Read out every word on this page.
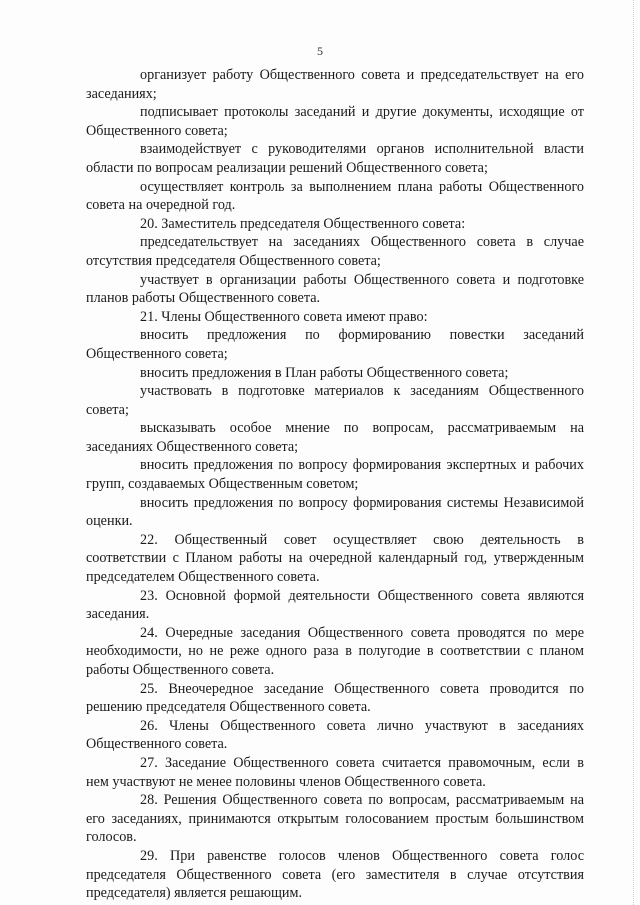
5

организует работу Общественного совета и председательствует на его заседаниях;

подписывает протоколы заседаний и другие документы, исходящие от Общественного совета;

взаимодействует с руководителями органов исполнительной власти области по вопросам реализации решений Общественного совета;

осуществляет контроль за выполнением плана работы Общественного совета на очередной год.

20. Заместитель председателя Общественного совета:

председательствует на заседаниях Общественного совета в случае отсутствия председателя Общественного совета;

участвует в организации работы Общественного совета и подготовке планов работы Общественного совета.

21. Члены Общественного совета имеют право:

вносить предложения по формированию повестки заседаний Общественного совета;

вносить предложения в План работы Общественного совета;

участвовать в подготовке материалов к заседаниям Общественного совета;

высказывать особое мнение по вопросам, рассматриваемым на заседаниях Общественного совета;

вносить предложения по вопросу формирования экспертных и рабочих групп, создаваемых Общественным советом;

вносить предложения по вопросу формирования системы Независимой оценки.

22. Общественный совет осуществляет свою деятельность в соответствии с Планом работы на очередной календарный год, утвержденным председателем Общественного совета.

23. Основной формой деятельности Общественного совета являются заседания.

24. Очередные заседания Общественного совета проводятся по мере необходимости, но не реже одного раза в полугодие в соответствии с планом работы Общественного совета.

25. Внеочередное заседание Общественного совета проводится по решению председателя Общественного совета.

26. Члены Общественного совета лично участвуют в заседаниях Общественного совета.

27. Заседание Общественного совета считается правомочным, если в нем участвуют не менее половины членов Общественного совета.

28. Решения Общественного совета по вопросам, рассматриваемым на его заседаниях, принимаются открытым голосованием простым большинством голосов.

29. При равенстве голосов членов Общественного совета голос председателя Общественного совета (его заместителя в случае отсутствия председателя) является решающим.
